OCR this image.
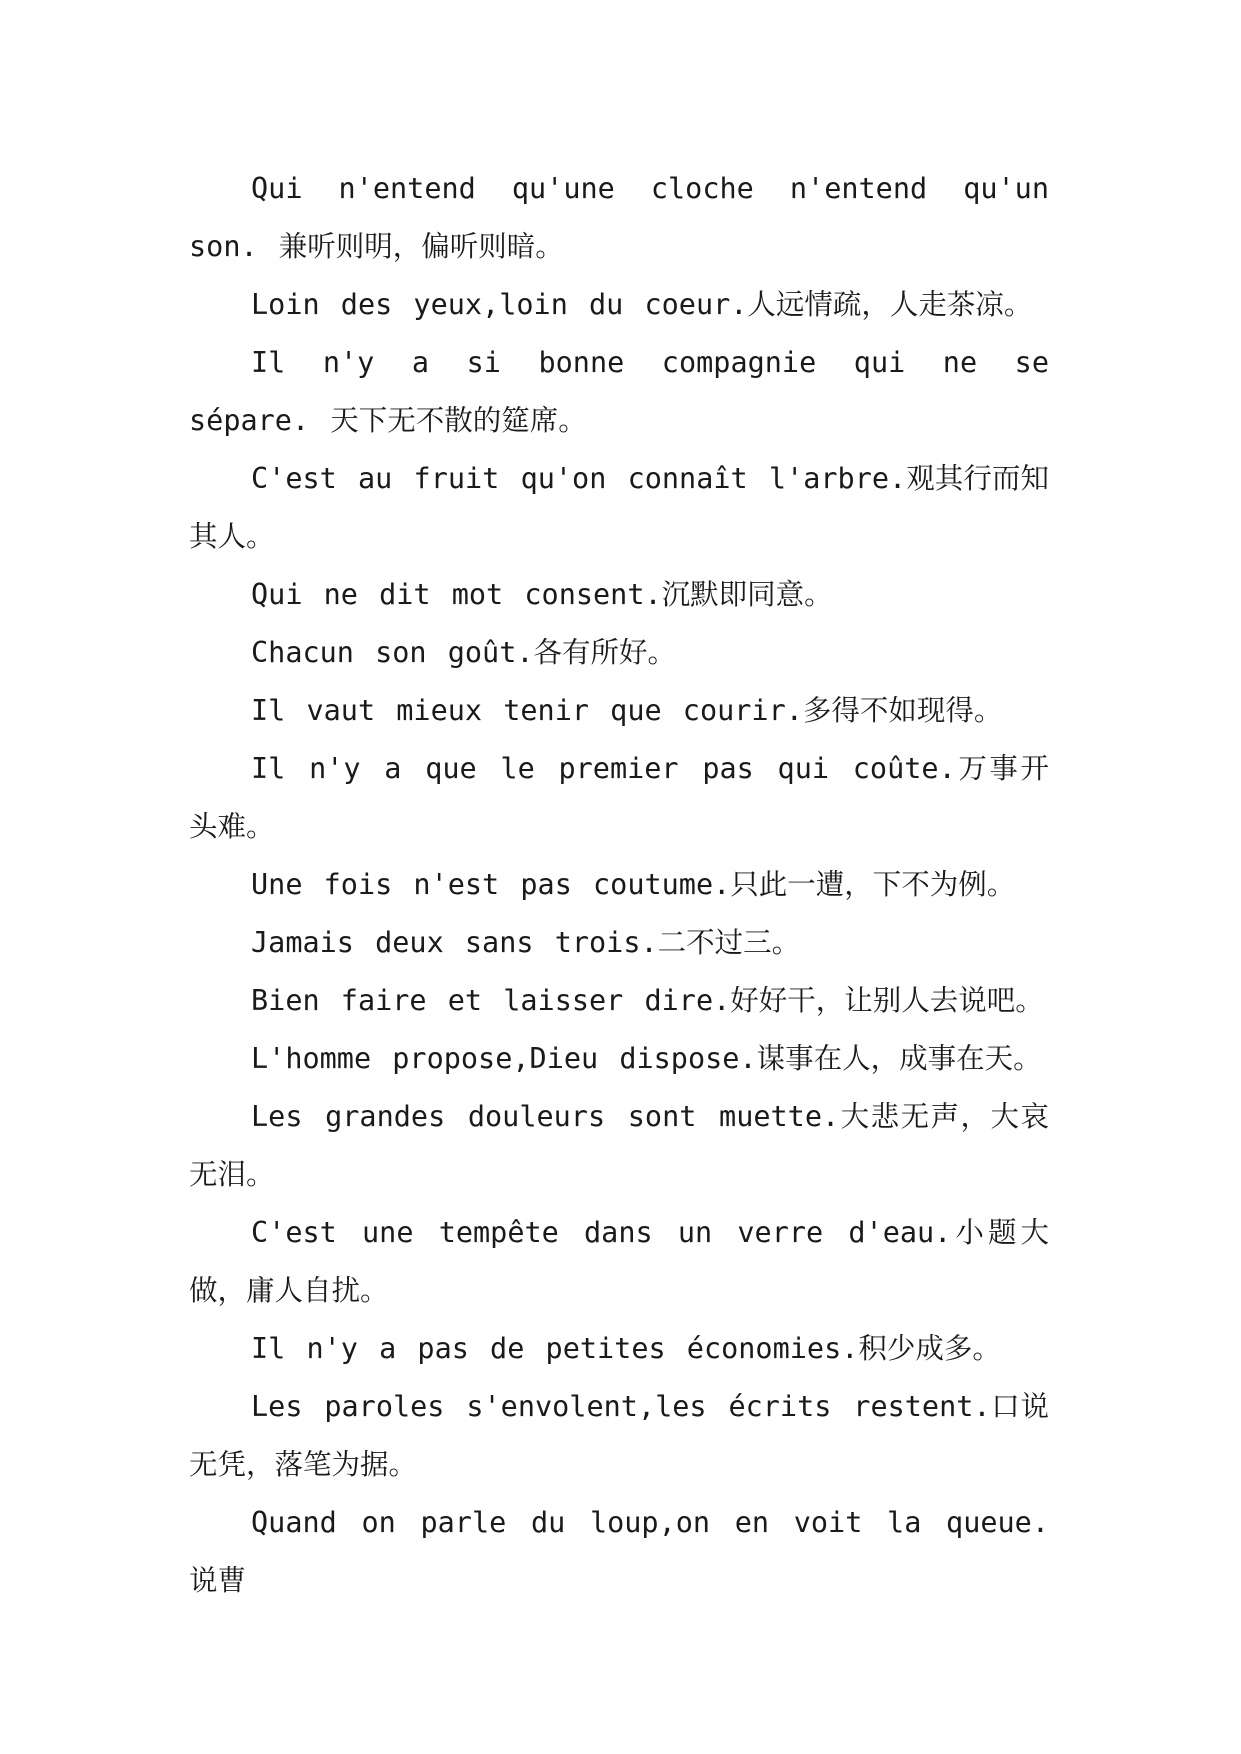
Qui n'entend qu'une cloche n'entend qu'un son. 兼听则明，偏听则暗。

Loin des yeux,loin du coeur.人远情疏，人走茶凉。

Il n'y a si bonne compagnie qui ne se sépare. 天下无不散的筵席。

C'est au fruit qu'on connaît l'arbre.观其行而知其人。

Qui ne dit mot consent.沉默即同意。

Chacun son goût.各有所好。

Il vaut mieux tenir que courir.多得不如现得。

Il n'y a que le premier pas qui coûte.万事开头难。

Une fois n'est pas coutume.只此一遭，下不为例。

Jamais deux sans trois.二不过三。

Bien faire et laisser dire.好好干，让别人去说吧。

L'homme propose,Dieu dispose.谋事在人，成事在天。

Les grandes douleurs sont muette.大悲无声，大哀无泪。

C'est une tempête dans un verre d'eau.小题大做，庸人自扰。

Il n'y a pas de petites économies.积少成多。

Les paroles s'envolent,les écrits restent.口说无凭，落笔为据。

Quand on parle du loup,on en voit la queue.说曹
